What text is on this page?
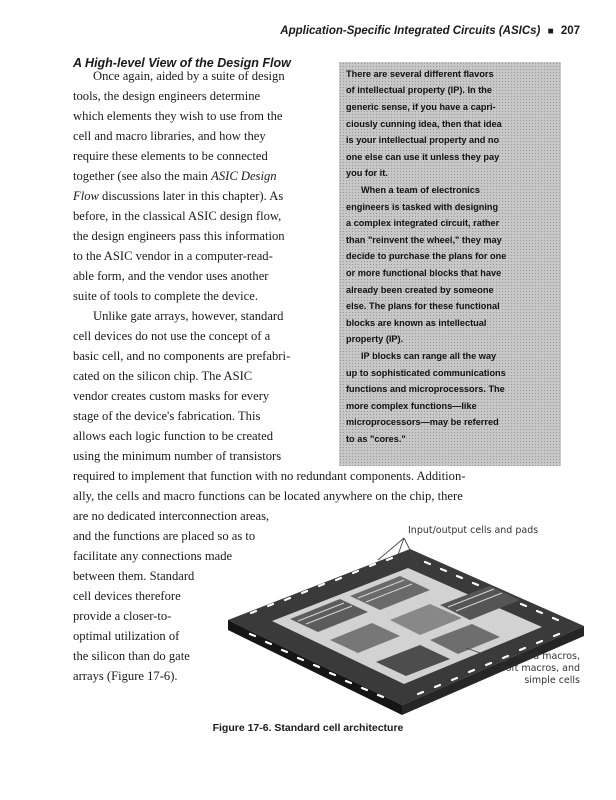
Application-Specific Integrated Circuits (ASICs) ■ 207
A High-level View of the Design Flow
Once again, aided by a suite of design
tools, the design engineers determine
which elements they wish to use from the
cell and macro libraries, and how they
require these elements to be connected
together (see also the main ASIC Design
Flow discussions later in this chapter). As
before, in the classical ASIC design flow,
the design engineers pass this information
to the ASIC vendor in a computer-read-
able form, and the vendor uses another
suite of tools to complete the device.
Unlike gate arrays, however, standard
cell devices do not use the concept of a
basic cell, and no components are prefabri-
cated on the silicon chip. The ASIC
vendor creates custom masks for every
stage of the device's fabrication. This
allows each logic function to be created
using the minimum number of transistors
required to implement that function with no redundant components. Addition-
ally, the cells and macro functions can be located anywhere on the chip, there
are no dedicated interconnection areas,
and the functions are placed so as to
facilitate any connections made
between them. Standard
cell devices therefore
provide a closer-to-
optimal utilization of
the silicon than do gate
arrays (Figure 17-6).
There are several different flavors
of intellectual property (IP). In the
generic sense, if you have a capri-
ciously cunning idea, then that idea
is your intellectual property and no
one else can use it unless they pay
you for it.
When a team of electronics
engineers is tasked with designing
a complex integrated circuit, rather
than "reinvent the wheel," they may
decide to purchase the plans for one
or more functional blocks that have
already been created by someone
else. The plans for these functional
blocks are known as intellectual
property (IP).
IP blocks can range all the way
up to sophisticated communications
functions and microprocessors. The
more complex functions—like
microprocessors—may be referred
to as "cores."
Input/output cells and pads
Hard macros,
soft macros, and
simple cells
Figure 17-6. Standard cell architecture
